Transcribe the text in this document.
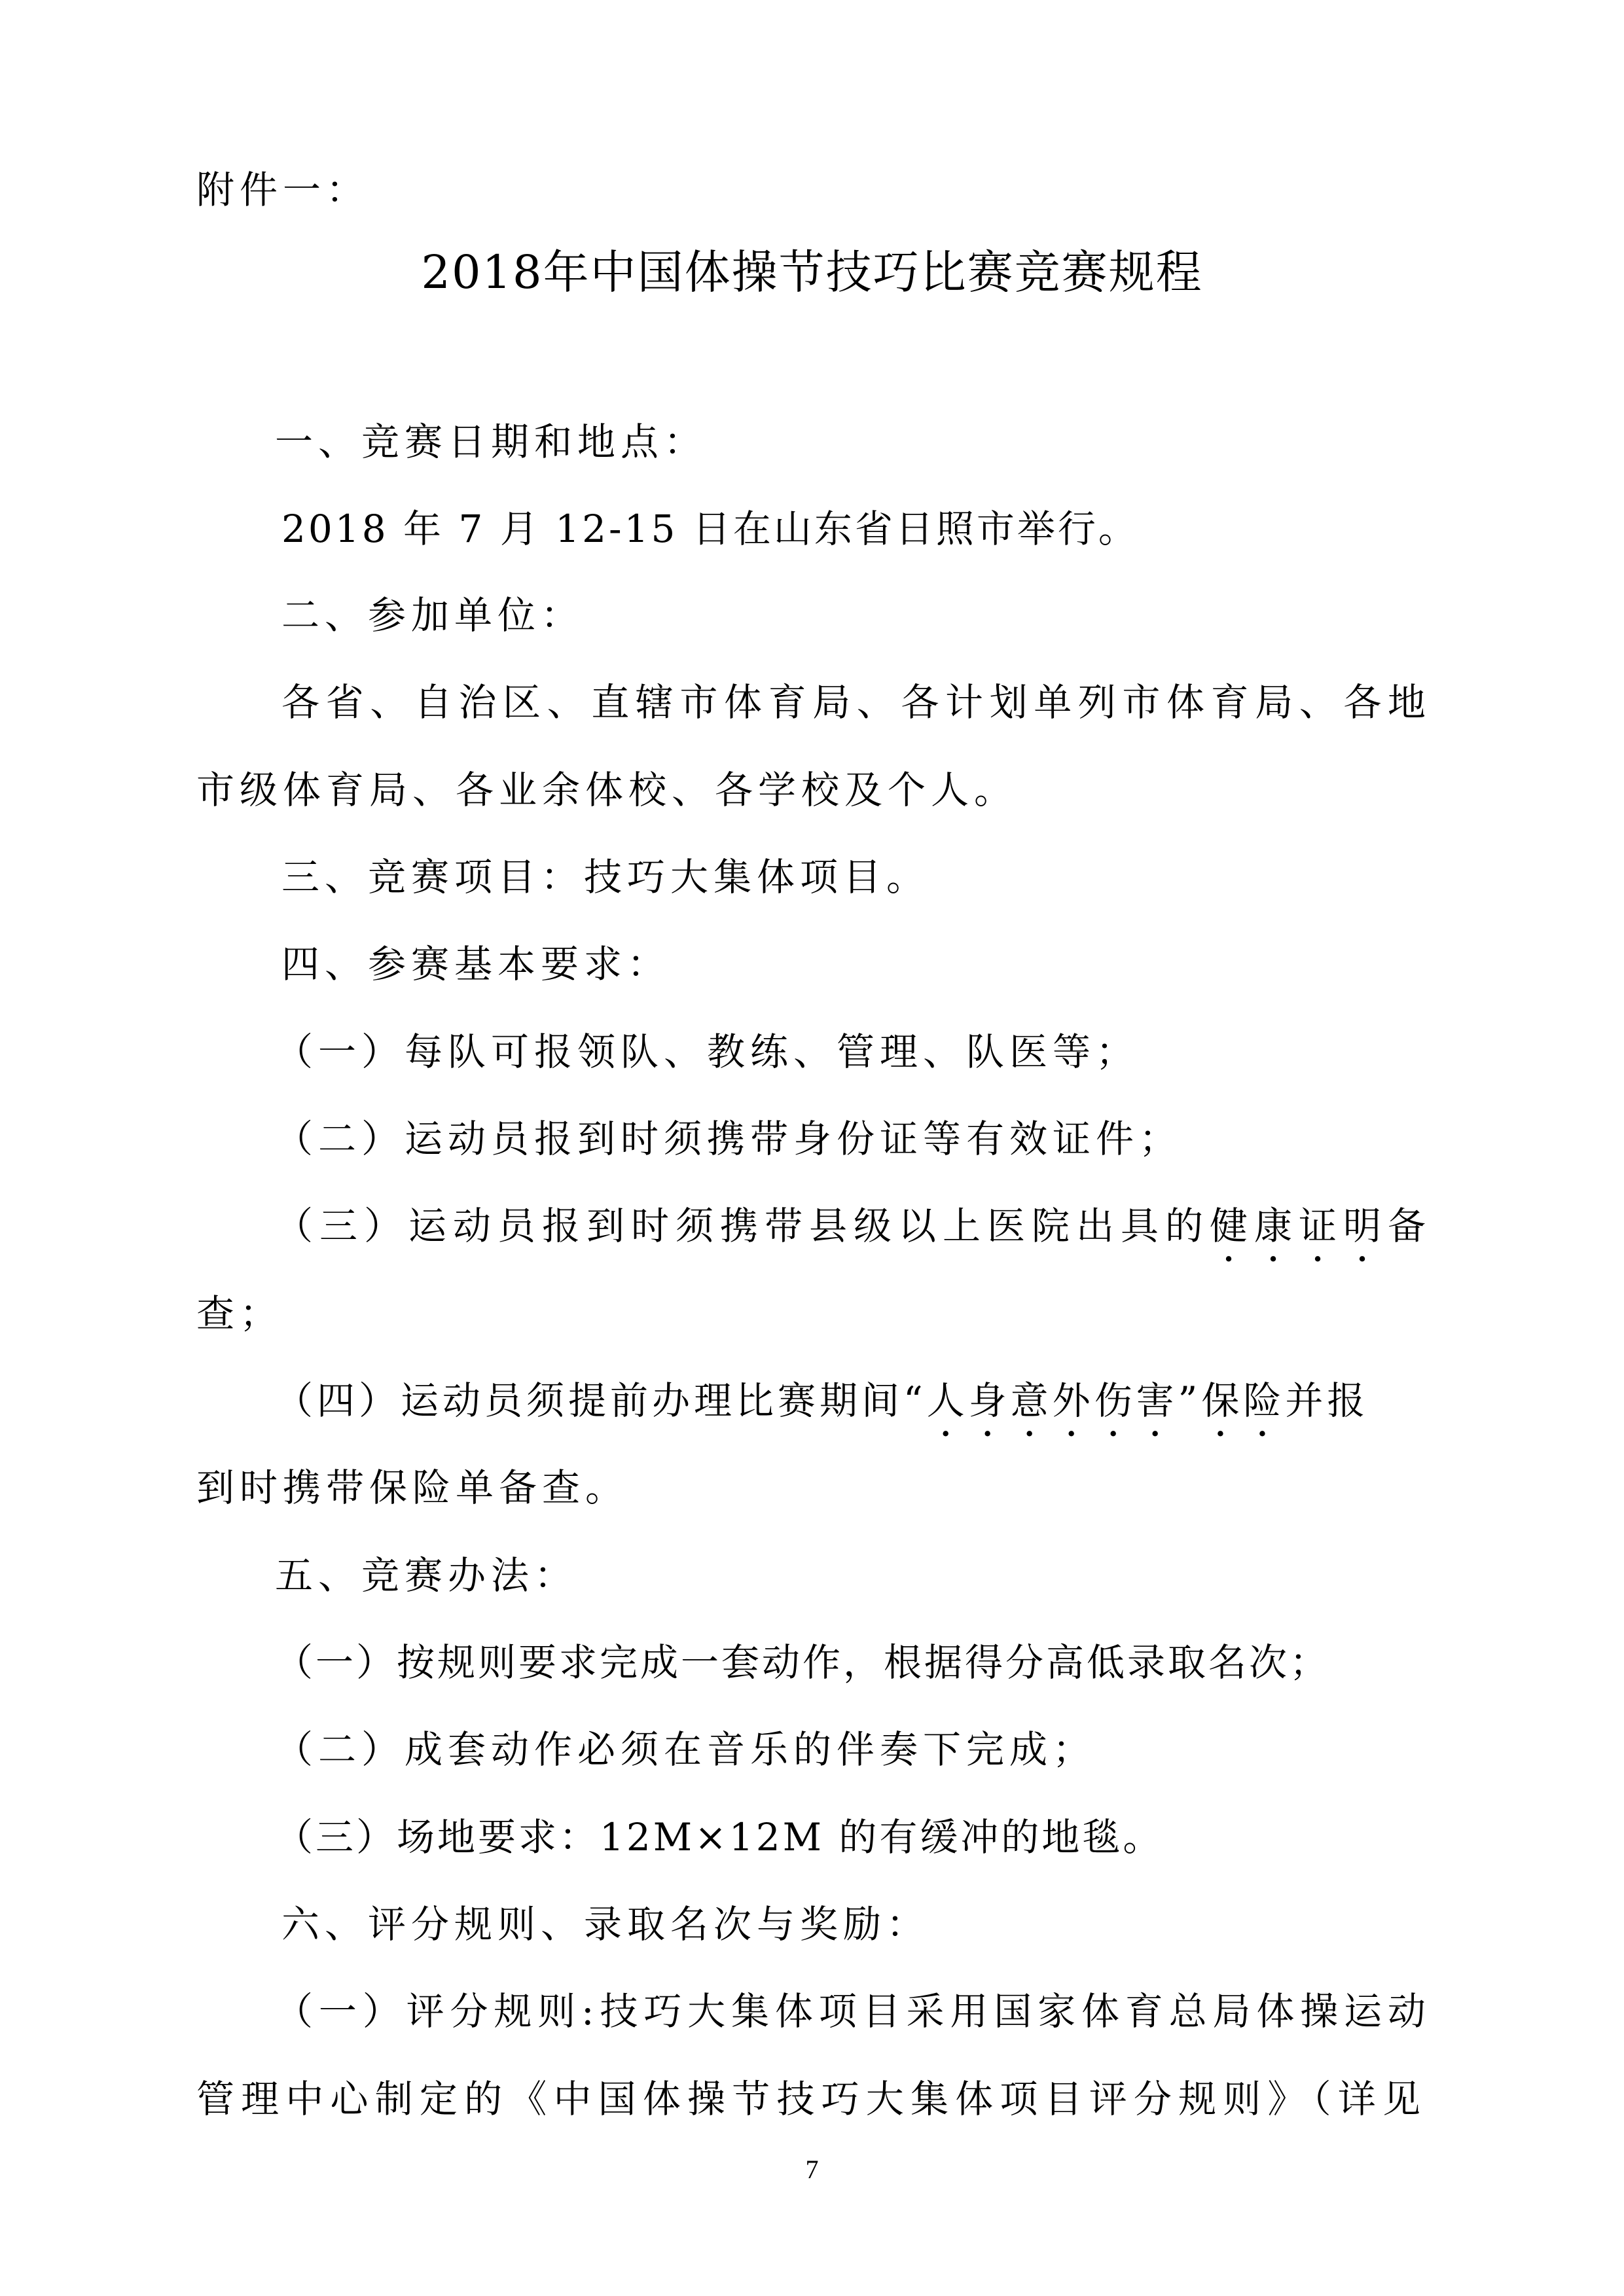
附件一：
2018年中国体操节技巧比赛竞赛规程
一、竞赛日期和地点：
2018 年 7 月 12-15 日在山东省日照市举行。
二、参加单位：
各省、自治区、直辖市体育局、各计划单列市体育局、各地
市级体育局、各业余体校、各学校及个人。
三、竞赛项目：技巧大集体项目。
四、参赛基本要求：
（一）每队可报领队、教练、管理、队医等；
（二）运动员报到时须携带身份证等有效证件；
（三）运动员报到时须携带县级以上医院出具的健康证明备
查；
（四）运动员须提前办理比赛期间“人身意外伤害”保险并报
到时携带保险单备查。
五、竞赛办法：
（一）按规则要求完成一套动作，根据得分高低录取名次；
（二）成套动作必须在音乐的伴奏下完成；
（三）场地要求：12M×12M 的有缓冲的地毯。
六、评分规则、录取名次与奖励：
（一）评分规则:技巧大集体项目采用国家体育总局体操运动
管理中心制定的《中国体操节技巧大集体项目评分规则》（详见
7
